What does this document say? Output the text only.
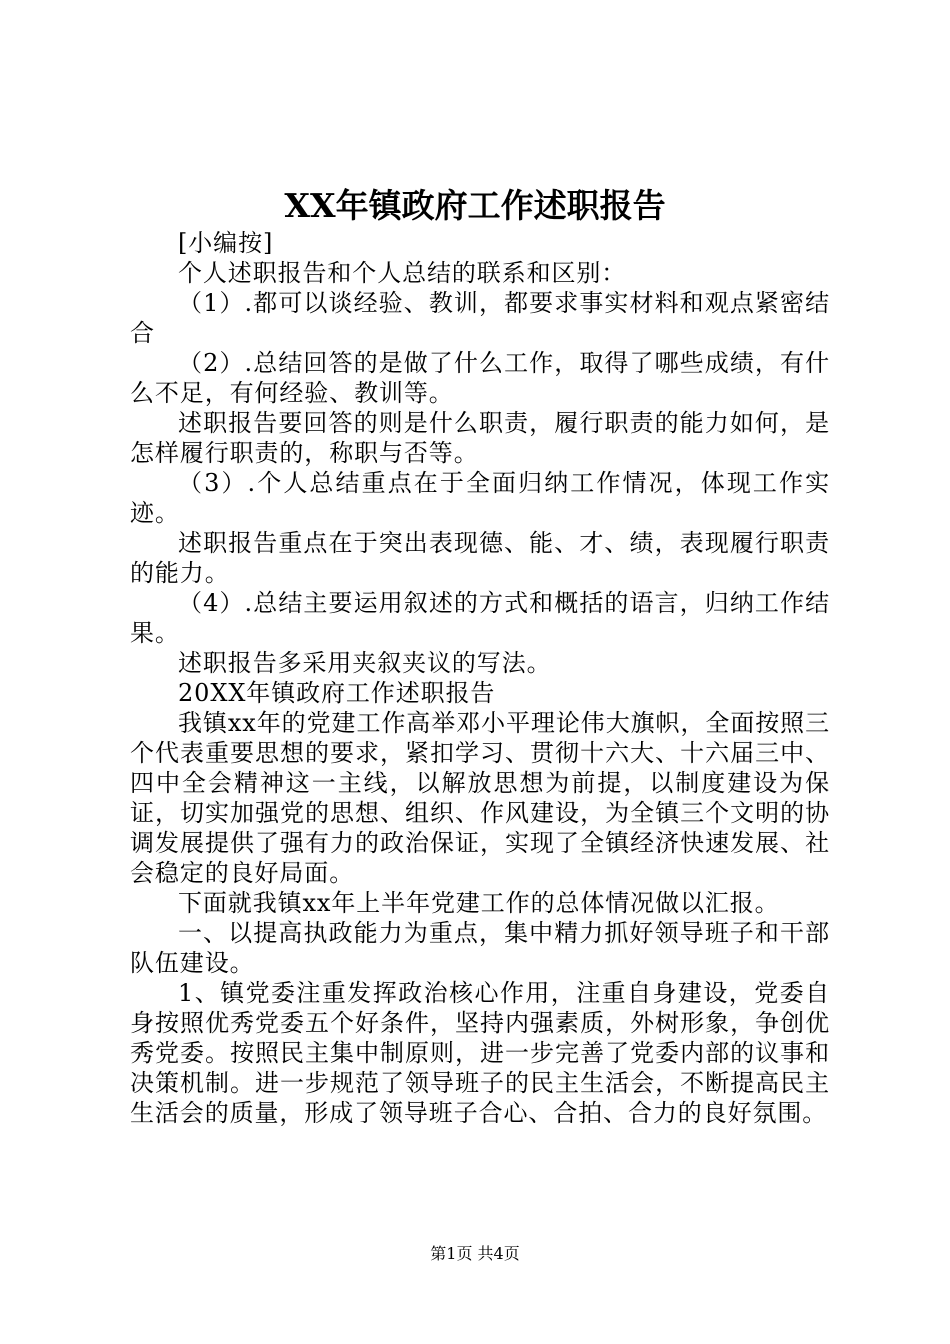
XX年镇政府工作述职报告

[小编按]

个人述职报告和个人总结的联系和区别：

（1）.都可以谈经验、教训，都要求事实材料和观点紧密结合

（2）.总结回答的是做了什么工作，取得了哪些成绩，有什么不足，有何经验、教训等。

述职报告要回答的则是什么职责，履行职责的能力如何，是怎样履行职责的，称职与否等。

（3）.个人总结重点在于全面归纳工作情况，体现工作实迹。

述职报告重点在于突出表现德、能、才、绩，表现履行职责的能力。

（4）.总结主要运用叙述的方式和概括的语言，归纳工作结果。

述职报告多采用夹叙夹议的写法。

20XX年镇政府工作述职报告

我镇xx年的党建工作高举邓小平理论伟大旗帜，全面按照三个代表重要思想的要求，紧扣学习、贯彻十六大、十六届三中、四中全会精神这一主线，以解放思想为前提，以制度建设为保证，切实加强党的思想、组织、作风建设，为全镇三个文明的协调发展提供了强有力的政治保证，实现了全镇经济快速发展、社会稳定的良好局面。

下面就我镇xx年上半年党建工作的总体情况做以汇报。

一、以提高执政能力为重点，集中精力抓好领导班子和干部队伍建设。

1、镇党委注重发挥政治核心作用，注重自身建设，党委自身按照优秀党委五个好条件，坚持内强素质，外树形象，争创优秀党委。按照民主集中制原则，进一步完善了党委内部的议事和决策机制。进一步规范了领导班子的民主生活会，不断提高民主生活会的质量，形成了领导班子合心、合拍、合力的良好氛围。

第1页 共4页
